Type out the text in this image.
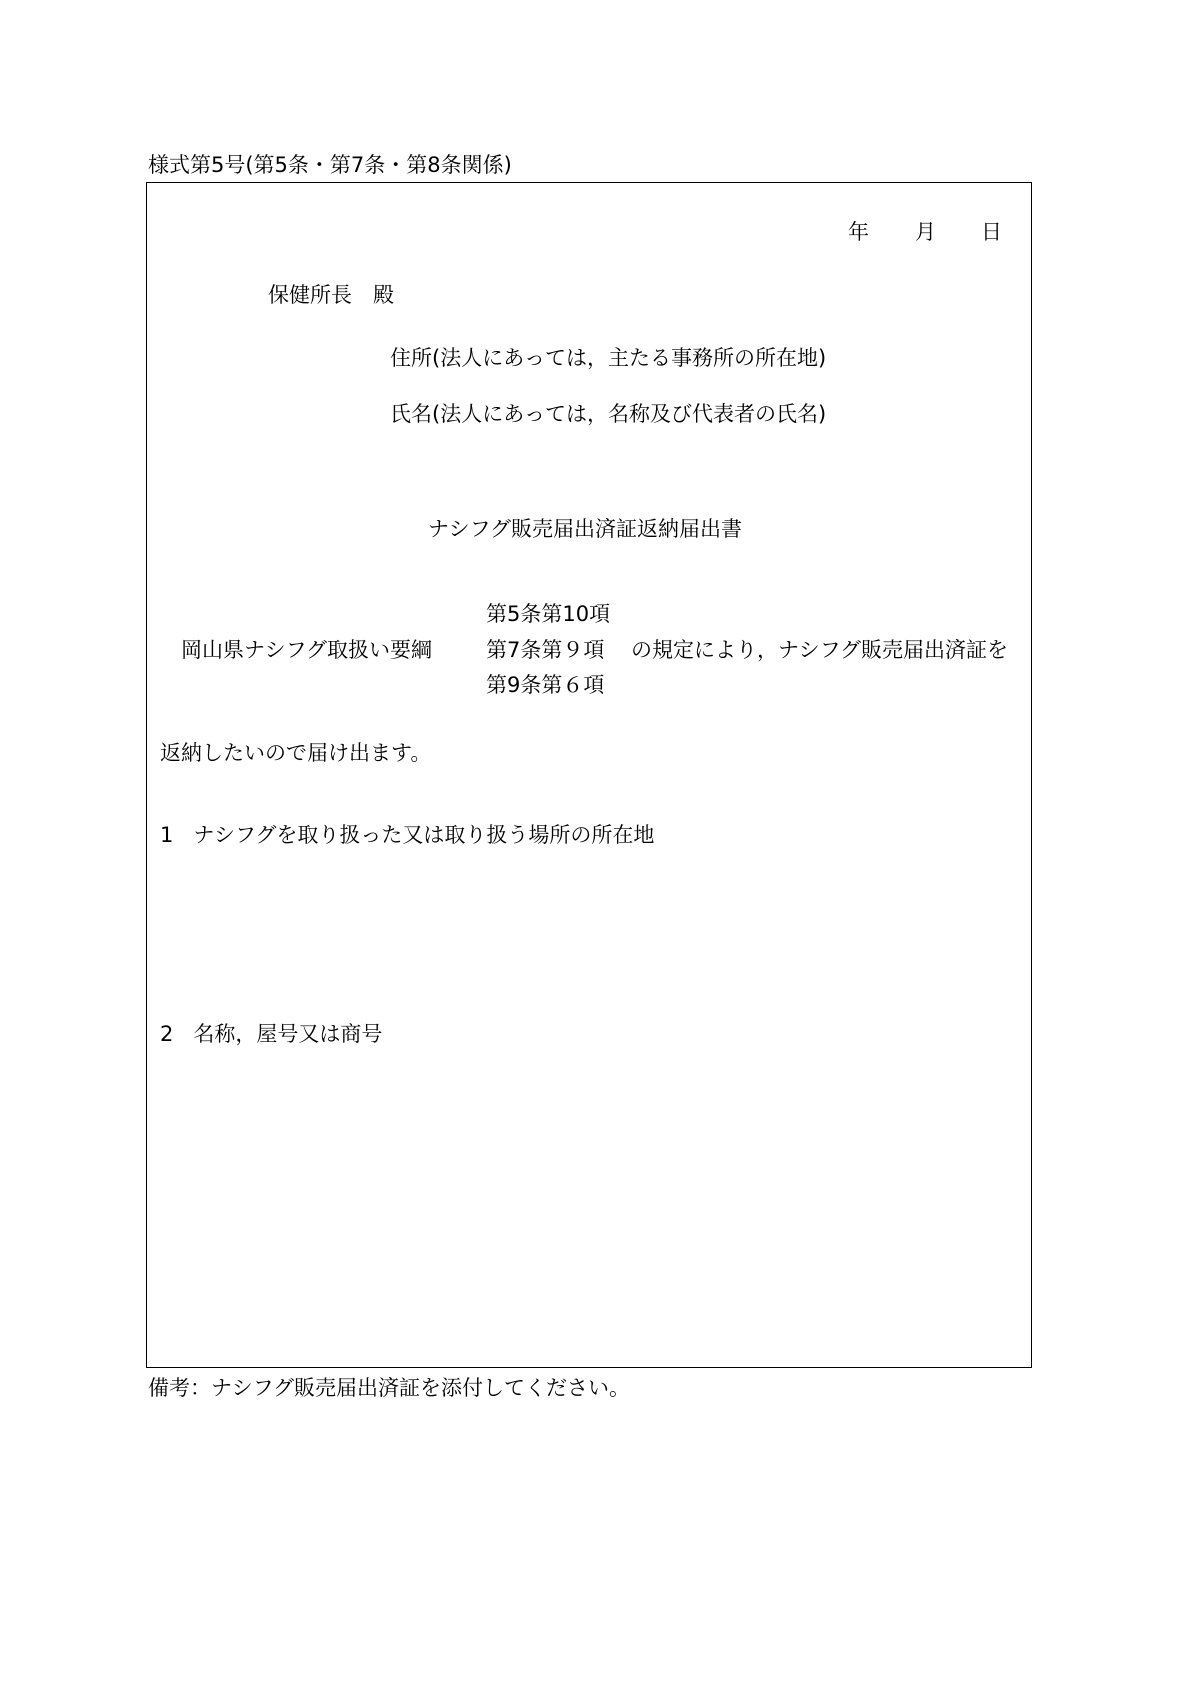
様式第5号(第5条・第7条・第8条関係)
年 月 日
保健所長　殿
住所(法人にあっては，主たる事務所の所在地)
氏名(法人にあっては，名称及び代表者の氏名)
ナシフグ販売届出済証返納届出書
岡山県ナシフグ取扱い要綱
第5条第10項
第7条第９項
第9条第６項
の規定により，ナシフグ販売届出済証を
返納したいので届け出ます。
1 ナシフグを取り扱った又は取り扱う場所の所在地
2 名称，屋号又は商号
備考：ナシフグ販売届出済証を添付してください。
